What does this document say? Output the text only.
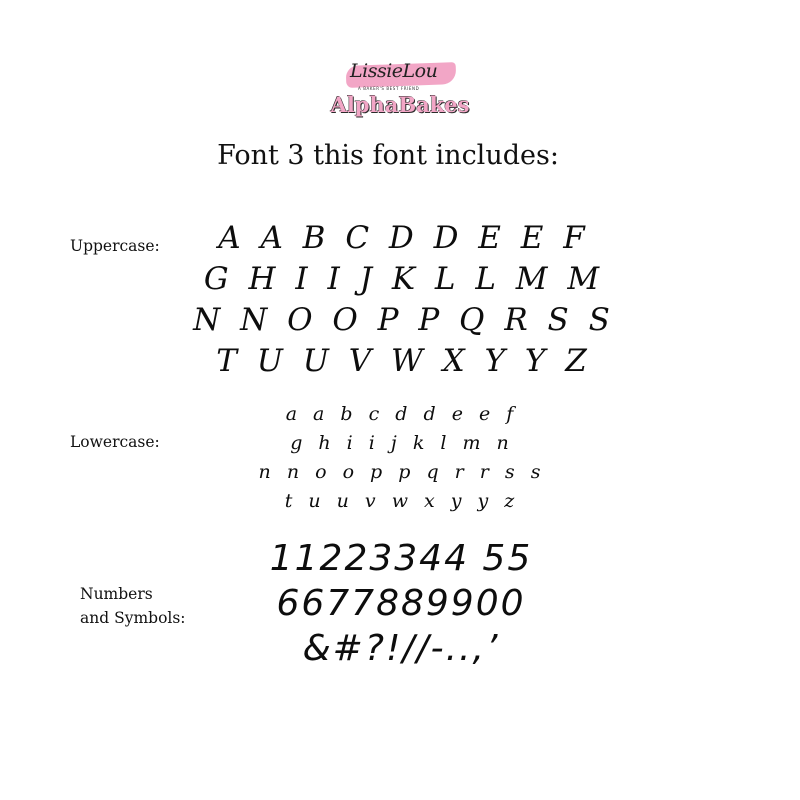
LissieLou
A BAKER'S BEST FRIEND
AlphaBakes
Font 3 this font includes:
Uppercase:	A A B C D D E E F
G H I I J K L L M M
N N O O P P Q R S S
T U U V W X Y Y Z
Lowercase:
a a b c d d e e f
g h i i j k l m n
n n o o p p q r r s s
t u u v w x y y z
Numbers
and Symbols:
11223344 55
6677889900
&#?!//-..,’
